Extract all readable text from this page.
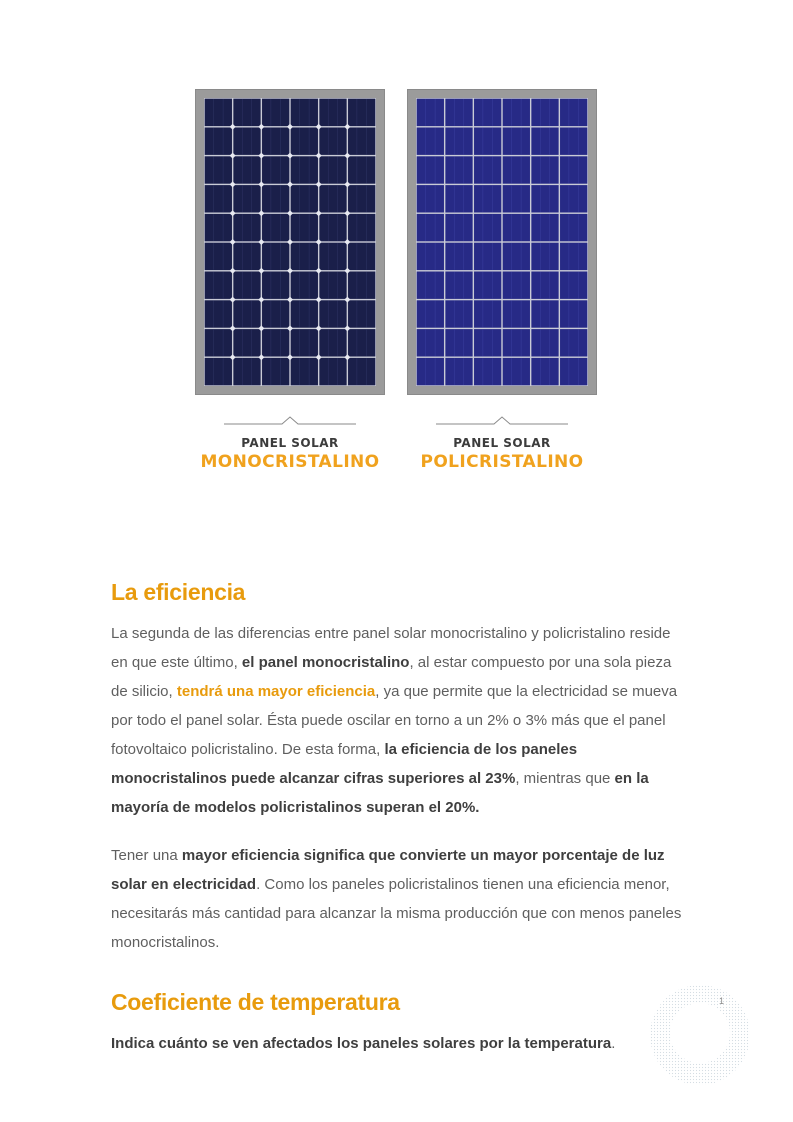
PANEL SOLAR
MONOCRISTALINO
PANEL SOLAR
POLICRISTALINO
La eficiencia

La segunda de las diferencias entre panel solar monocristalino y policristalino reside en que este último, el panel monocristalino, al estar compuesto por una sola pieza de silicio, tendrá una mayor eficiencia, ya que permite que la electricidad se mueva por todo el panel solar. Ésta puede oscilar en torno a un 2% o 3% más que el panel fotovoltaico policristalino. De esta forma, la eficiencia de los paneles monocristalinos puede alcanzar cifras superiores al 23%, mientras que en la mayoría de modelos policristalinos superan el 20%.

Tener una mayor eficiencia significa que convierte un mayor porcentaje de luz solar en electricidad. Como los paneles policristalinos tienen una eficiencia menor, necesitarás más cantidad para alcanzar la misma producción que con menos paneles monocristalinos.

Coeficiente de temperatura

Indica cuánto se ven afectados los paneles solares por la temperatura.

1
